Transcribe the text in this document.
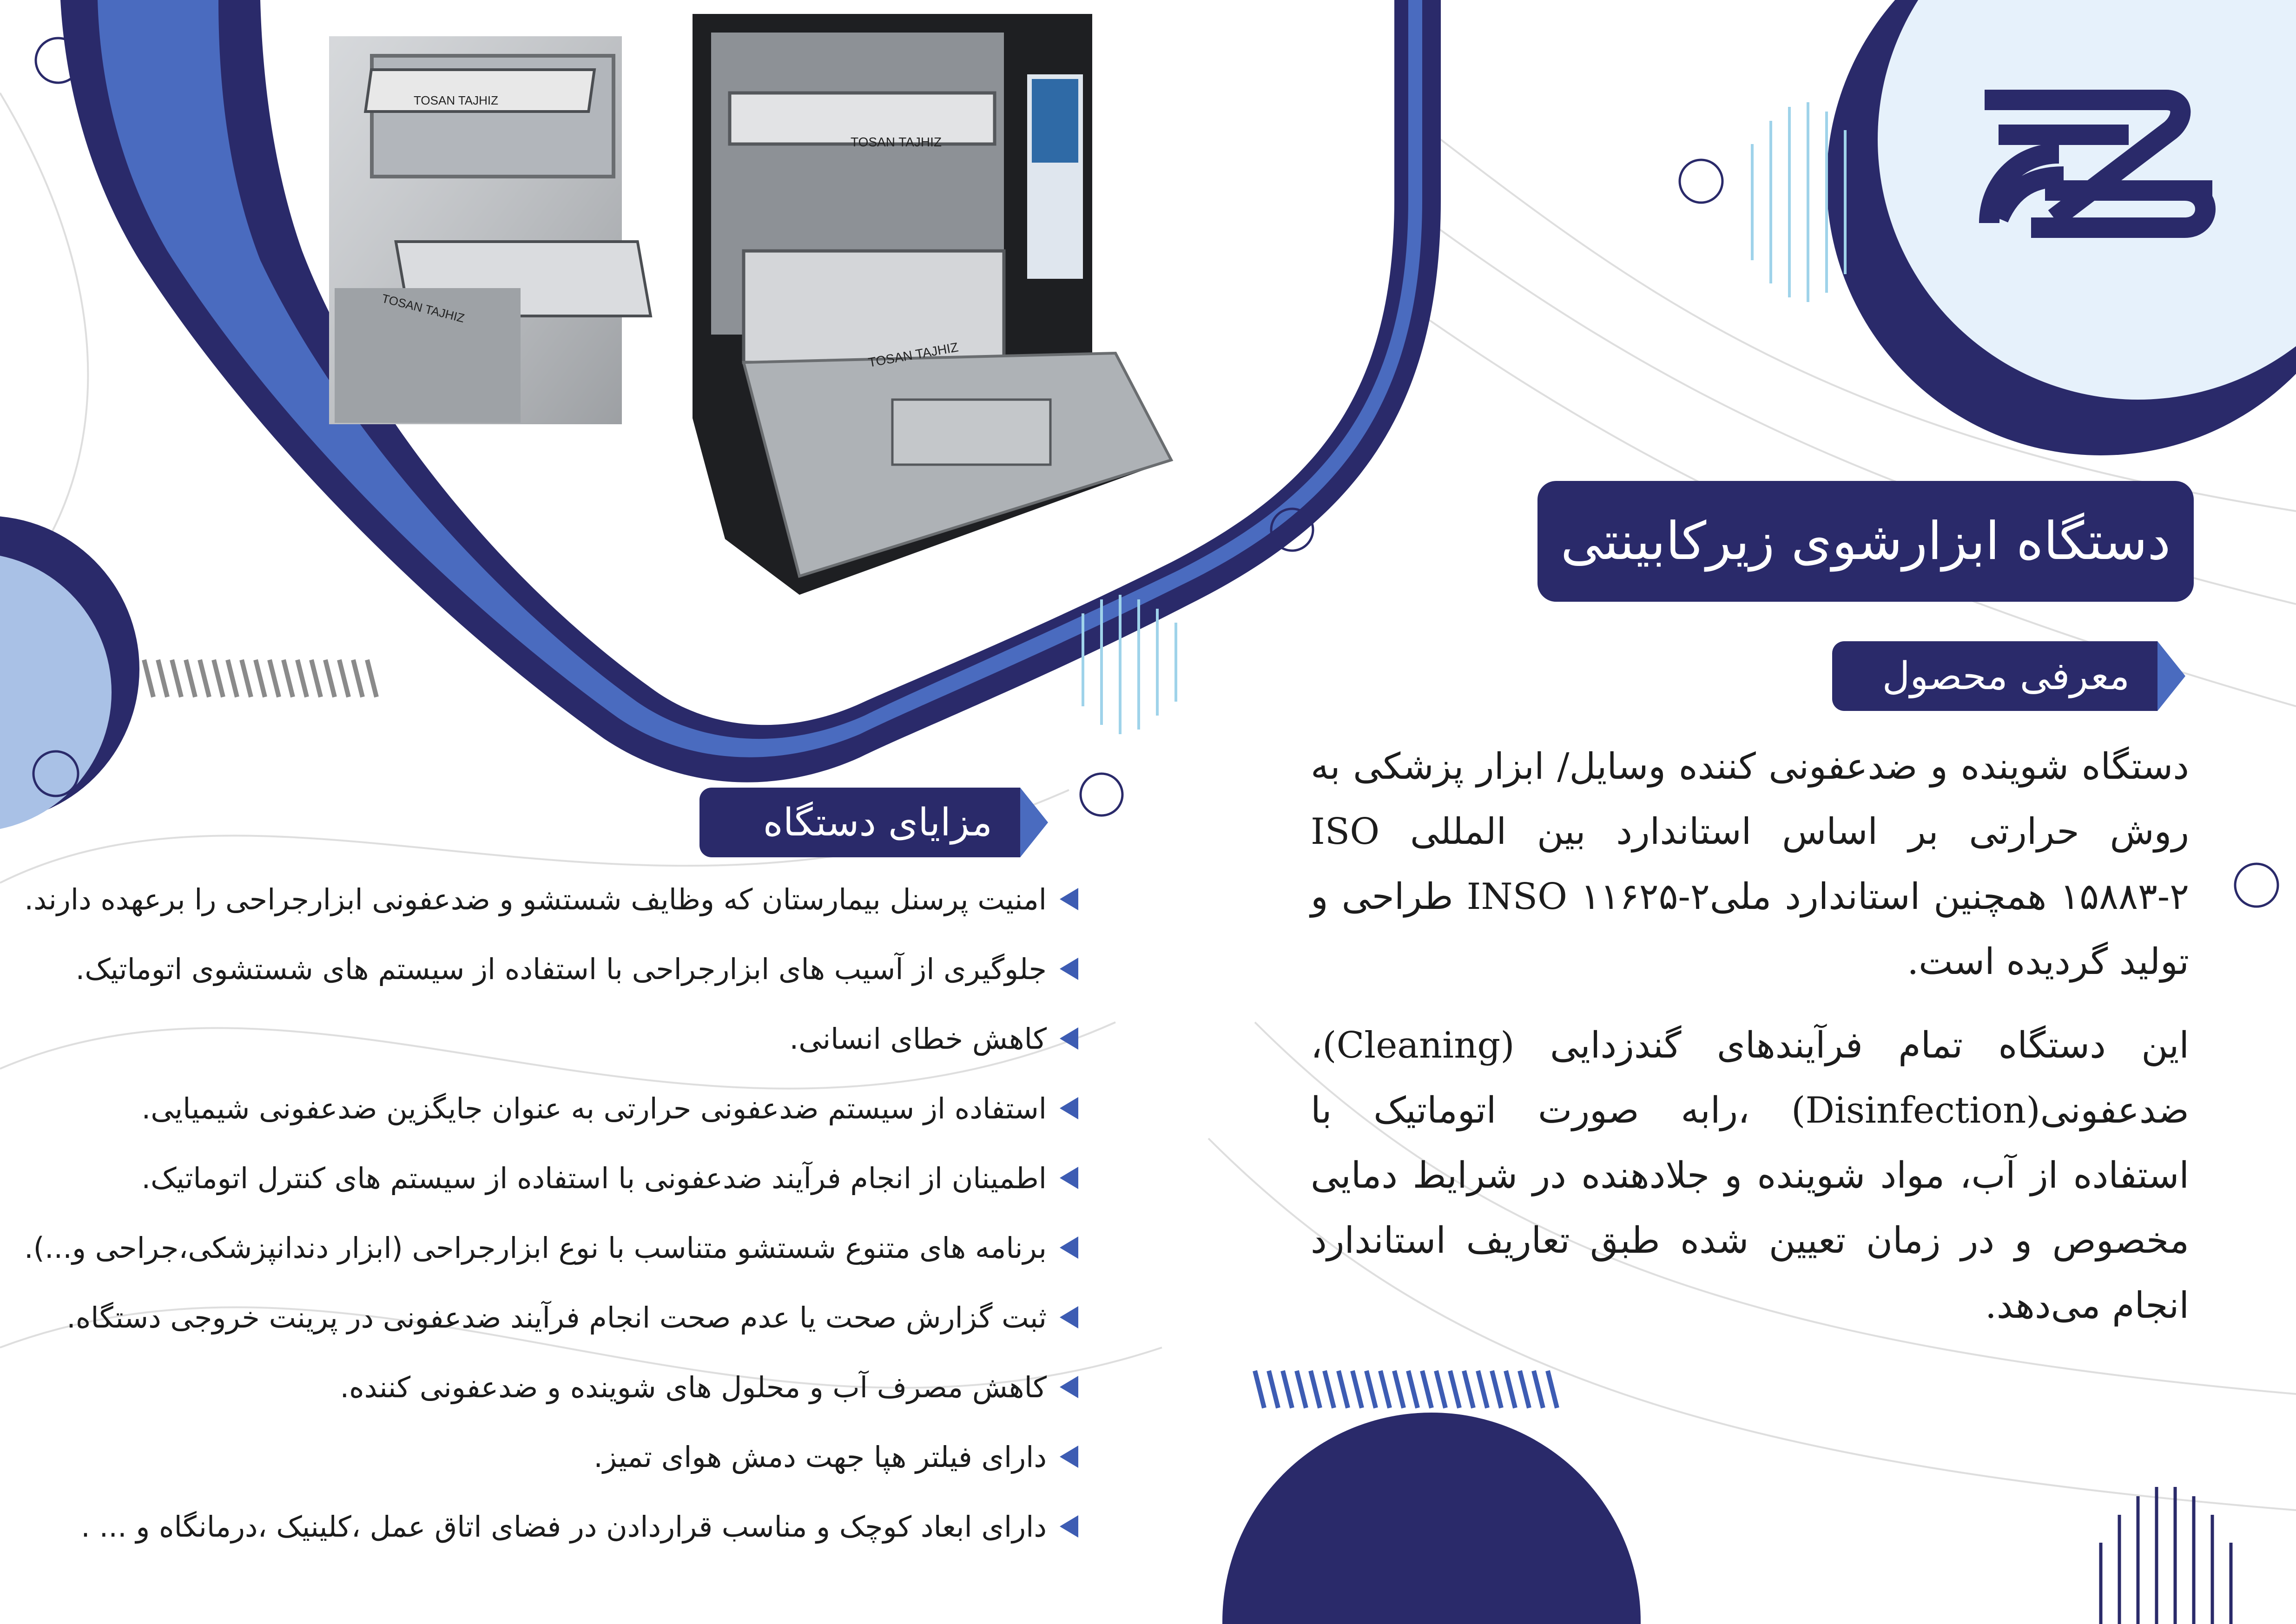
TOSAN TAJHIZ
TOSAN TAJHIZ
TOSAN TAJHIZ
TOSAN TAJHIZ
دستگاه ابزارشوی زیرکابینتی
معرفی محصول

دستگاه شوینده و ضدعفونی کننده وسایل/ ابزار پزشکی به روش حرارتی بر اساس استاندارد بین المللی ISO ۱۵۸۸۳-۲ همچنین استاندارد ملیINSO ۱۱۶۲۵-۲ طراحی و تولید گردیده است.

این دستگاه تمام فرآیندهای گندزدایی (Cleaning)، ضدعفونی(Disinfection) ،رابه صورت اتوماتیک با استفاده از آب، مواد شوینده و جلادهنده در شرایط دمایی مخصوص و در زمان تعیین شده طبق تعاریف استاندارد انجام می‌دهد.

مزایای دستگاه
امنیت پرسنل بیمارستان که وظایف شستشو و ضدعفونی ابزارجراحی را برعهده دارند.
جلوگیری از آسیب های ابزارجراحی با استفاده از سیستم های شستشوی اتوماتیک.
کاهش خطای انسانی.
استفاده از سیستم ضدعفونی حرارتی به عنوان جایگزین ضدعفونی شیمیایی.
اطمینان از انجام فرآیند ضدعفونی با استفاده از سیستم های کنترل اتوماتیک.
برنامه های متنوع شستشو متناسب با نوع ابزارجراحی (ابزار دندانپزشکی،جراحی و...).
ثبت گزارش صحت یا عدم صحت انجام فرآیند ضدعفونی در پرینت خروجی دستگاه.
کاهش مصرف آب و محلول های شوینده و ضدعفونی کننده.
دارای فیلتر هپا جهت دمش هوای تمیز.
دارای ابعاد کوچک و مناسب قراردادن در فضای اتاق عمل ،کلینیک ،درمانگاه و ... .
